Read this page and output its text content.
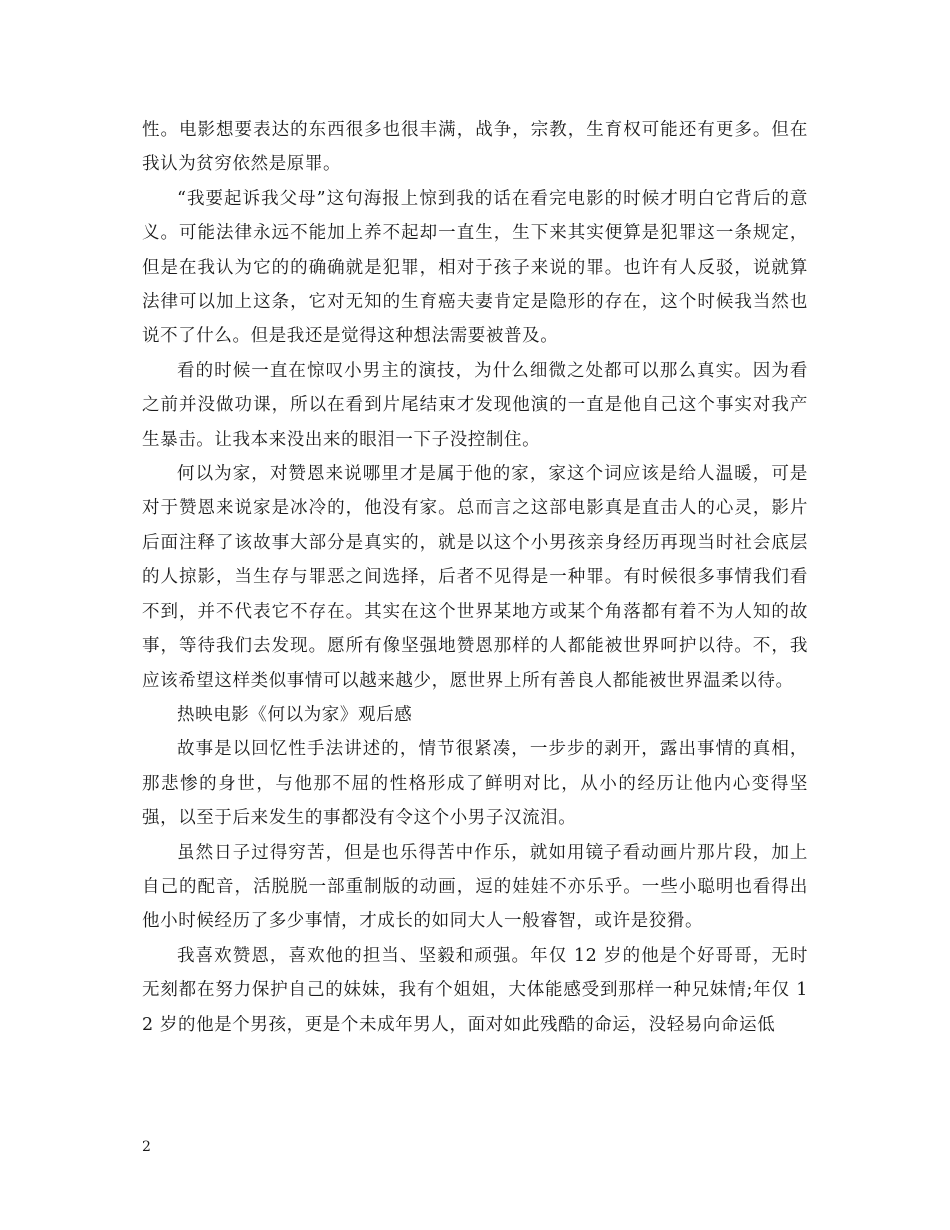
性。电影想要表达的东西很多也很丰满，战争，宗教，生育权可能还有更多。但在我认为贫穷依然是原罪。

“我要起诉我父母”这句海报上惊到我的话在看完电影的时候才明白它背后的意义。可能法律永远不能加上养不起却一直生，生下来其实便算是犯罪这一条规定，但是在我认为它的的确确就是犯罪，相对于孩子来说的罪。也许有人反驳，说就算法律可以加上这条，它对无知的生育癌夫妻肯定是隐形的存在，这个时候我当然也说不了什么。但是我还是觉得这种想法需要被普及。

看的时候一直在惊叹小男主的演技，为什么细微之处都可以那么真实。因为看之前并没做功课，所以在看到片尾结束才发现他演的一直是他自己这个事实对我产生暴击。让我本来没出来的眼泪一下子没控制住。

何以为家，对赞恩来说哪里才是属于他的家，家这个词应该是给人温暖，可是对于赞恩来说家是冰冷的，他没有家。总而言之这部电影真是直击人的心灵，影片后面注释了该故事大部分是真实的，就是以这个小男孩亲身经历再现当时社会底层的人掠影，当生存与罪恶之间选择，后者不见得是一种罪。有时候很多事情我们看不到，并不代表它不存在。其实在这个世界某地方或某个角落都有着不为人知的故事，等待我们去发现。愿所有像坚强地赞恩那样的人都能被世界呵护以待。不，我应该希望这样类似事情可以越来越少，愿世界上所有善良人都能被世界温柔以待。

热映电影《何以为家》观后感

故事是以回忆性手法讲述的，情节很紧凑，一步步的剥开，露出事情的真相，那悲惨的身世，与他那不屈的性格形成了鲜明对比，从小的经历让他内心变得坚强，以至于后来发生的事都没有令这个小男子汉流泪。

虽然日子过得穷苦，但是也乐得苦中作乐，就如用镜子看动画片那片段，加上自己的配音，活脱脱一部重制版的动画，逗的娃娃不亦乐乎。一些小聪明也看得出他小时候经历了多少事情，才成长的如同大人一般睿智，或许是狡猾。

我喜欢赞恩，喜欢他的担当、坚毅和顽强。年仅 12 岁的他是个好哥哥，无时无刻都在努力保护自己的妹妹，我有个姐姐，大体能感受到那样一种兄妹情;年仅 12 岁的他是个男孩，更是个未成年男人，面对如此残酷的命运，没轻易向命运低

2
